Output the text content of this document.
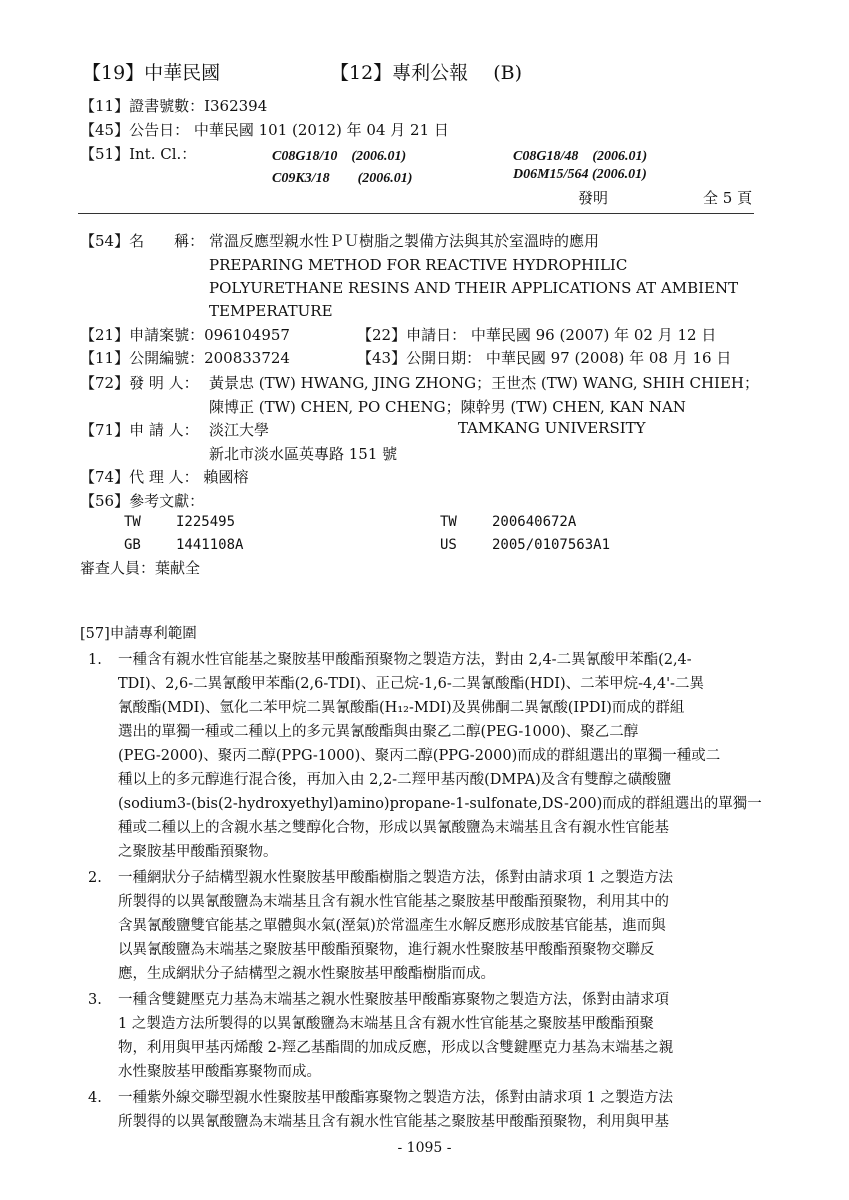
【19】中華民國	【12】專利公報　 (B)
【11】證書號數：I362394
【45】公告日： 中華民國 101 (2012) 年 04 月 21 日
【51】Int. Cl.：	C08G18/10　(2006.01)	C08G18/48　(2006.01)
C09K3/18　　(2006.01)	D06M15/564 (2006.01)
發明	全 5 頁
【54】名　　稱： 常溫反應型親水性ＰＵ樹脂之製備方法與其於室溫時的應用
PREPARING METHOD FOR REACTIVE HYDROPHILIC
POLYURETHANE RESINS AND THEIR APPLICATIONS AT AMBIENT
TEMPERATURE
【21】申請案號：096104957	【22】申請日： 中華民國 96 (2007) 年 02 月 12 日
【11】公開編號：200833724	【43】公開日期： 中華民國 97 (2008) 年 08 月 16 日
【72】發 明 人： 黃景忠 (TW) HWANG, JING ZHONG；王世杰 (TW) WANG, SHIH CHIEH；
陳博正 (TW) CHEN, PO CHENG；陳幹男 (TW) CHEN, KAN NAN
【71】申 請 人： 淡江大學	TAMKANG UNIVERSITY
新北市淡水區英專路 151 號
【74】代 理 人： 賴國榕
【56】參考文獻：
TW	I225495	TW	200640672A
GB	1441108A	US	2005/0107563A1
審查人員：葉献全
[57]申請專利範圍
1.	一種含有親水性官能基之聚胺基甲酸酯預聚物之製造方法，對由 2,4-二異氰酸甲苯酯(2,4-
TDI)、2,6-二異氰酸甲苯酯(2,6-TDI)、正己烷-1,6-二異氰酸酯(HDI)、二苯甲烷-4,4'-二異
氰酸酯(MDI)、氫化二苯甲烷二異氰酸酯(H₁₂-MDI)及異佛酮二異氰酸(IPDI)而成的群組
選出的單獨一種或二種以上的多元異氰酸酯與由聚乙二醇(PEG-1000)、聚乙二醇
(PEG-2000)、聚丙二醇(PPG-1000)、聚丙二醇(PPG-2000)而成的群組選出的單獨一種或二
種以上的多元醇進行混合後，再加入由 2,2-二羥甲基丙酸(DMPA)及含有雙醇之磺酸鹽
(sodium3-(bis(2-hydroxyethyl)amino)propane-1-sulfonate,DS-200)而成的群組選出的單獨一
種或二種以上的含親水基之雙醇化合物，形成以異氰酸鹽為末端基且含有親水性官能基
之聚胺基甲酸酯預聚物。
2.	一種網狀分子結構型親水性聚胺基甲酸酯樹脂之製造方法，係對由請求項 1 之製造方法
所製得的以異氰酸鹽為末端基且含有親水性官能基之聚胺基甲酸酯預聚物，利用其中的
含異氰酸鹽雙官能基之單體與水氣(溼氣)於常溫產生水解反應形成胺基官能基，進而與
以異氰酸鹽為末端基之聚胺基甲酸酯預聚物，進行親水性聚胺基甲酸酯預聚物交聯反
應，生成網狀分子結構型之親水性聚胺基甲酸酯樹脂而成。
3.	一種含雙鍵壓克力基為末端基之親水性聚胺基甲酸酯寡聚物之製造方法，係對由請求項
1 之製造方法所製得的以異氰酸鹽為末端基且含有親水性官能基之聚胺基甲酸酯預聚
物，利用與甲基丙烯酸 2-羥乙基酯間的加成反應，形成以含雙鍵壓克力基為末端基之親
水性聚胺基甲酸酯寡聚物而成。
4.	一種紫外線交聯型親水性聚胺基甲酸酯寡聚物之製造方法，係對由請求項 1 之製造方法
所製得的以異氰酸鹽為末端基且含有親水性官能基之聚胺基甲酸酯預聚物，利用與甲基
- 1095 -
